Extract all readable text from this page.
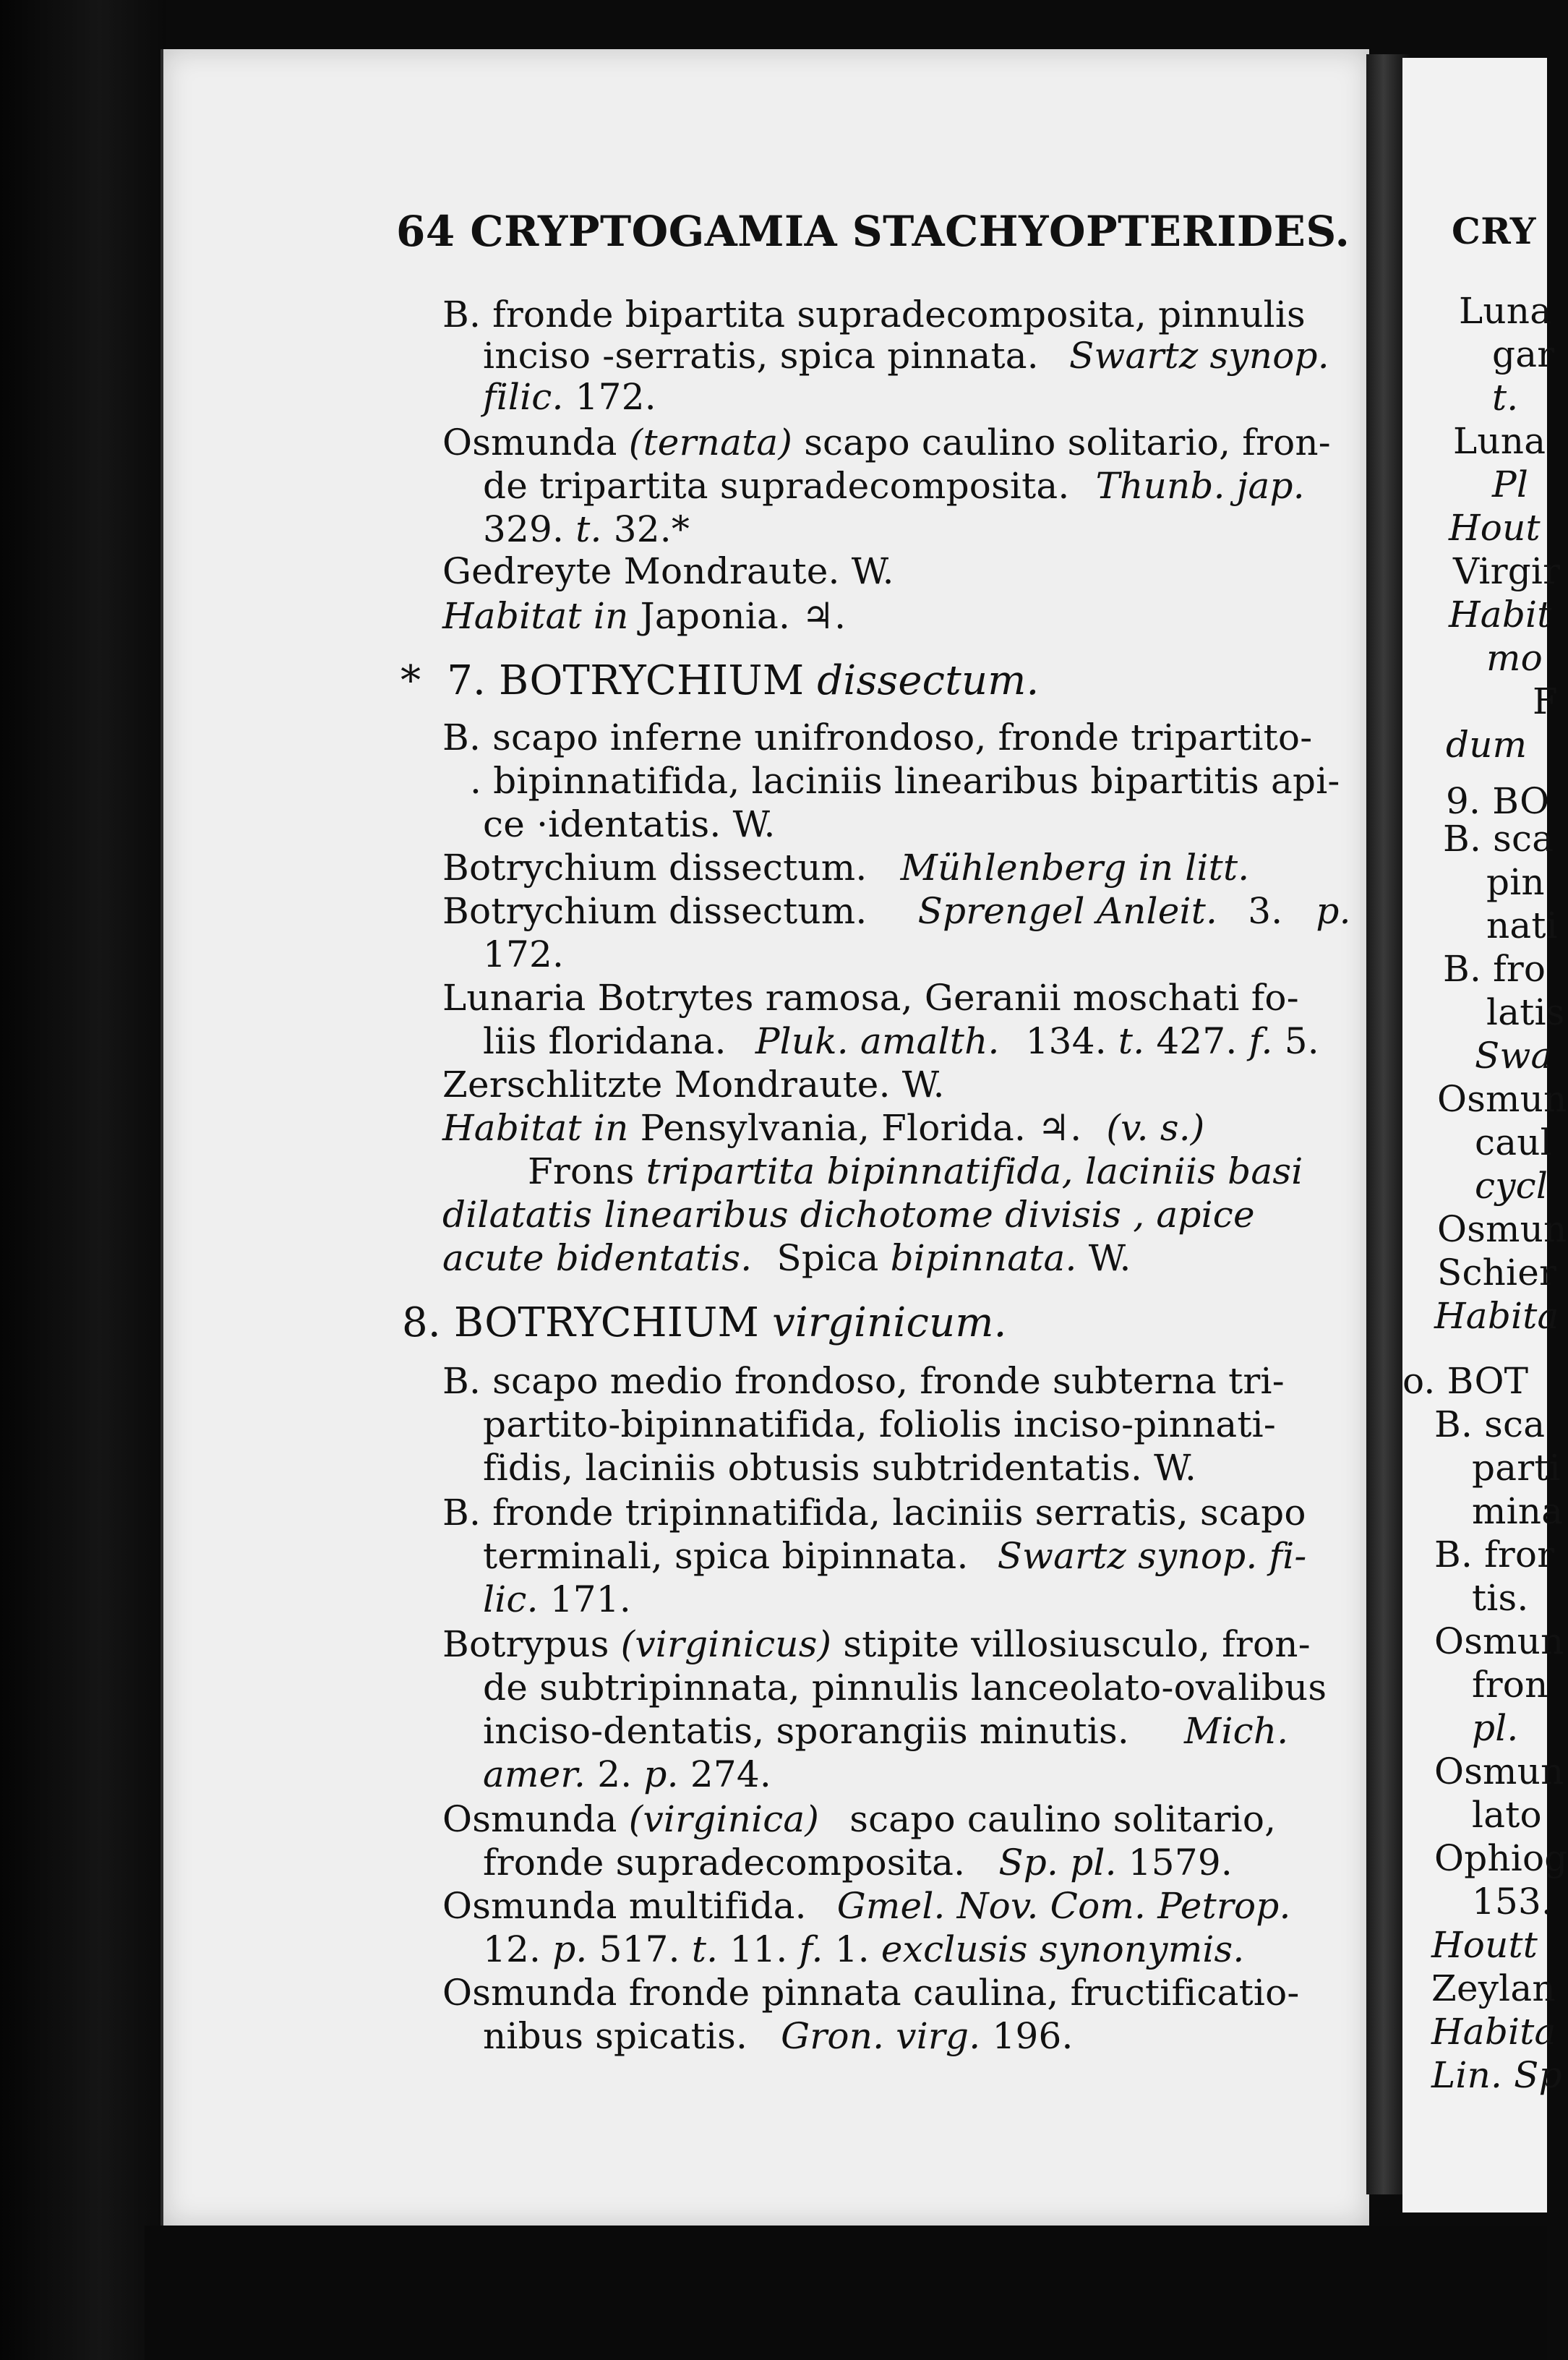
64 CRYPTOGAMIA STACHYOPTERIDES.
B. fronde bipartita supradecomposita, pinnulis
inciso -serratis, spica pinnata. Swartz synop.
filic. 172.
Osmunda (ternata) scapo caulino solitario, fron-
de tripartita supradecomposita. Thunb. jap.
329. t. 32.*
Gedreyte Mondraute. W.
Habitat in Japonia. ♃.
* 7. BOTRYCHIUM dissectum.
B. scapo inferne unifrondoso, fronde tripartito-
. bipinnatifida, laciniis linearibus bipartitis api-
ce ·identatis. W.
Botrychium dissectum. Mühlenberg in litt.
Botrychium dissectum. Sprengel Anleit. 3. p.
172.
Lunaria Botrytes ramosa, Geranii moschati fo-
liis floridana. Pluk. amalth. 134. t. 427. f. 5.
Zerschlitzte Mondraute. W.
Habitat in Pensylvania, Florida. ♃. (v. s.)
Frons tripartita bipinnatifida, laciniis basi
dilatatis linearibus dichotome divisis , apice
acute bidentatis. Spica bipinnata. W.
8. BOTRYCHIUM virginicum.
B. scapo medio frondoso, fronde subterna tri-
partito-bipinnatifida, foliolis inciso-pinnati-
fidis, laciniis obtusis subtridentatis. W.
B. fronde tripinnatifida, laciniis serratis, scapo
terminali, spica bipinnata. Swartz synop. fi-
lic. 171.
Botrypus (virginicus) stipite villosiusculo, fron-
de subtripinnata, pinnulis lanceolato-ovalibus
inciso-dentatis, sporangiis minutis. Mich.
amer. 2. p. 274.
Osmunda (virginica) scapo caulino solitario,
fronde supradecomposita. Sp. pl. 1579.
Osmunda multifida. Gmel. Nov. Com. Petrop.
12. p. 517. t. 11. f. 1. exclusis synonymis.
Osmunda fronde pinnata caulina, fructificatio-
nibus spicatis. Gron. virg. 196.
CRY
Luna
gar
t.
Luna
Pl
Hout
Virgir
Habit
mo
F
dum
9. BO
B. sca
pin
nati
B. fro
latis
Swa
Osmun
caul
cycl
Osmun
Schier
Habita
o. BOT
B. sca
parti
mina
B. fror
tis.
Osmun
fron
pl.
Osmun
lato
Ophiog
153.
Houtt
Zeylan
Habita
Lin. Sp
